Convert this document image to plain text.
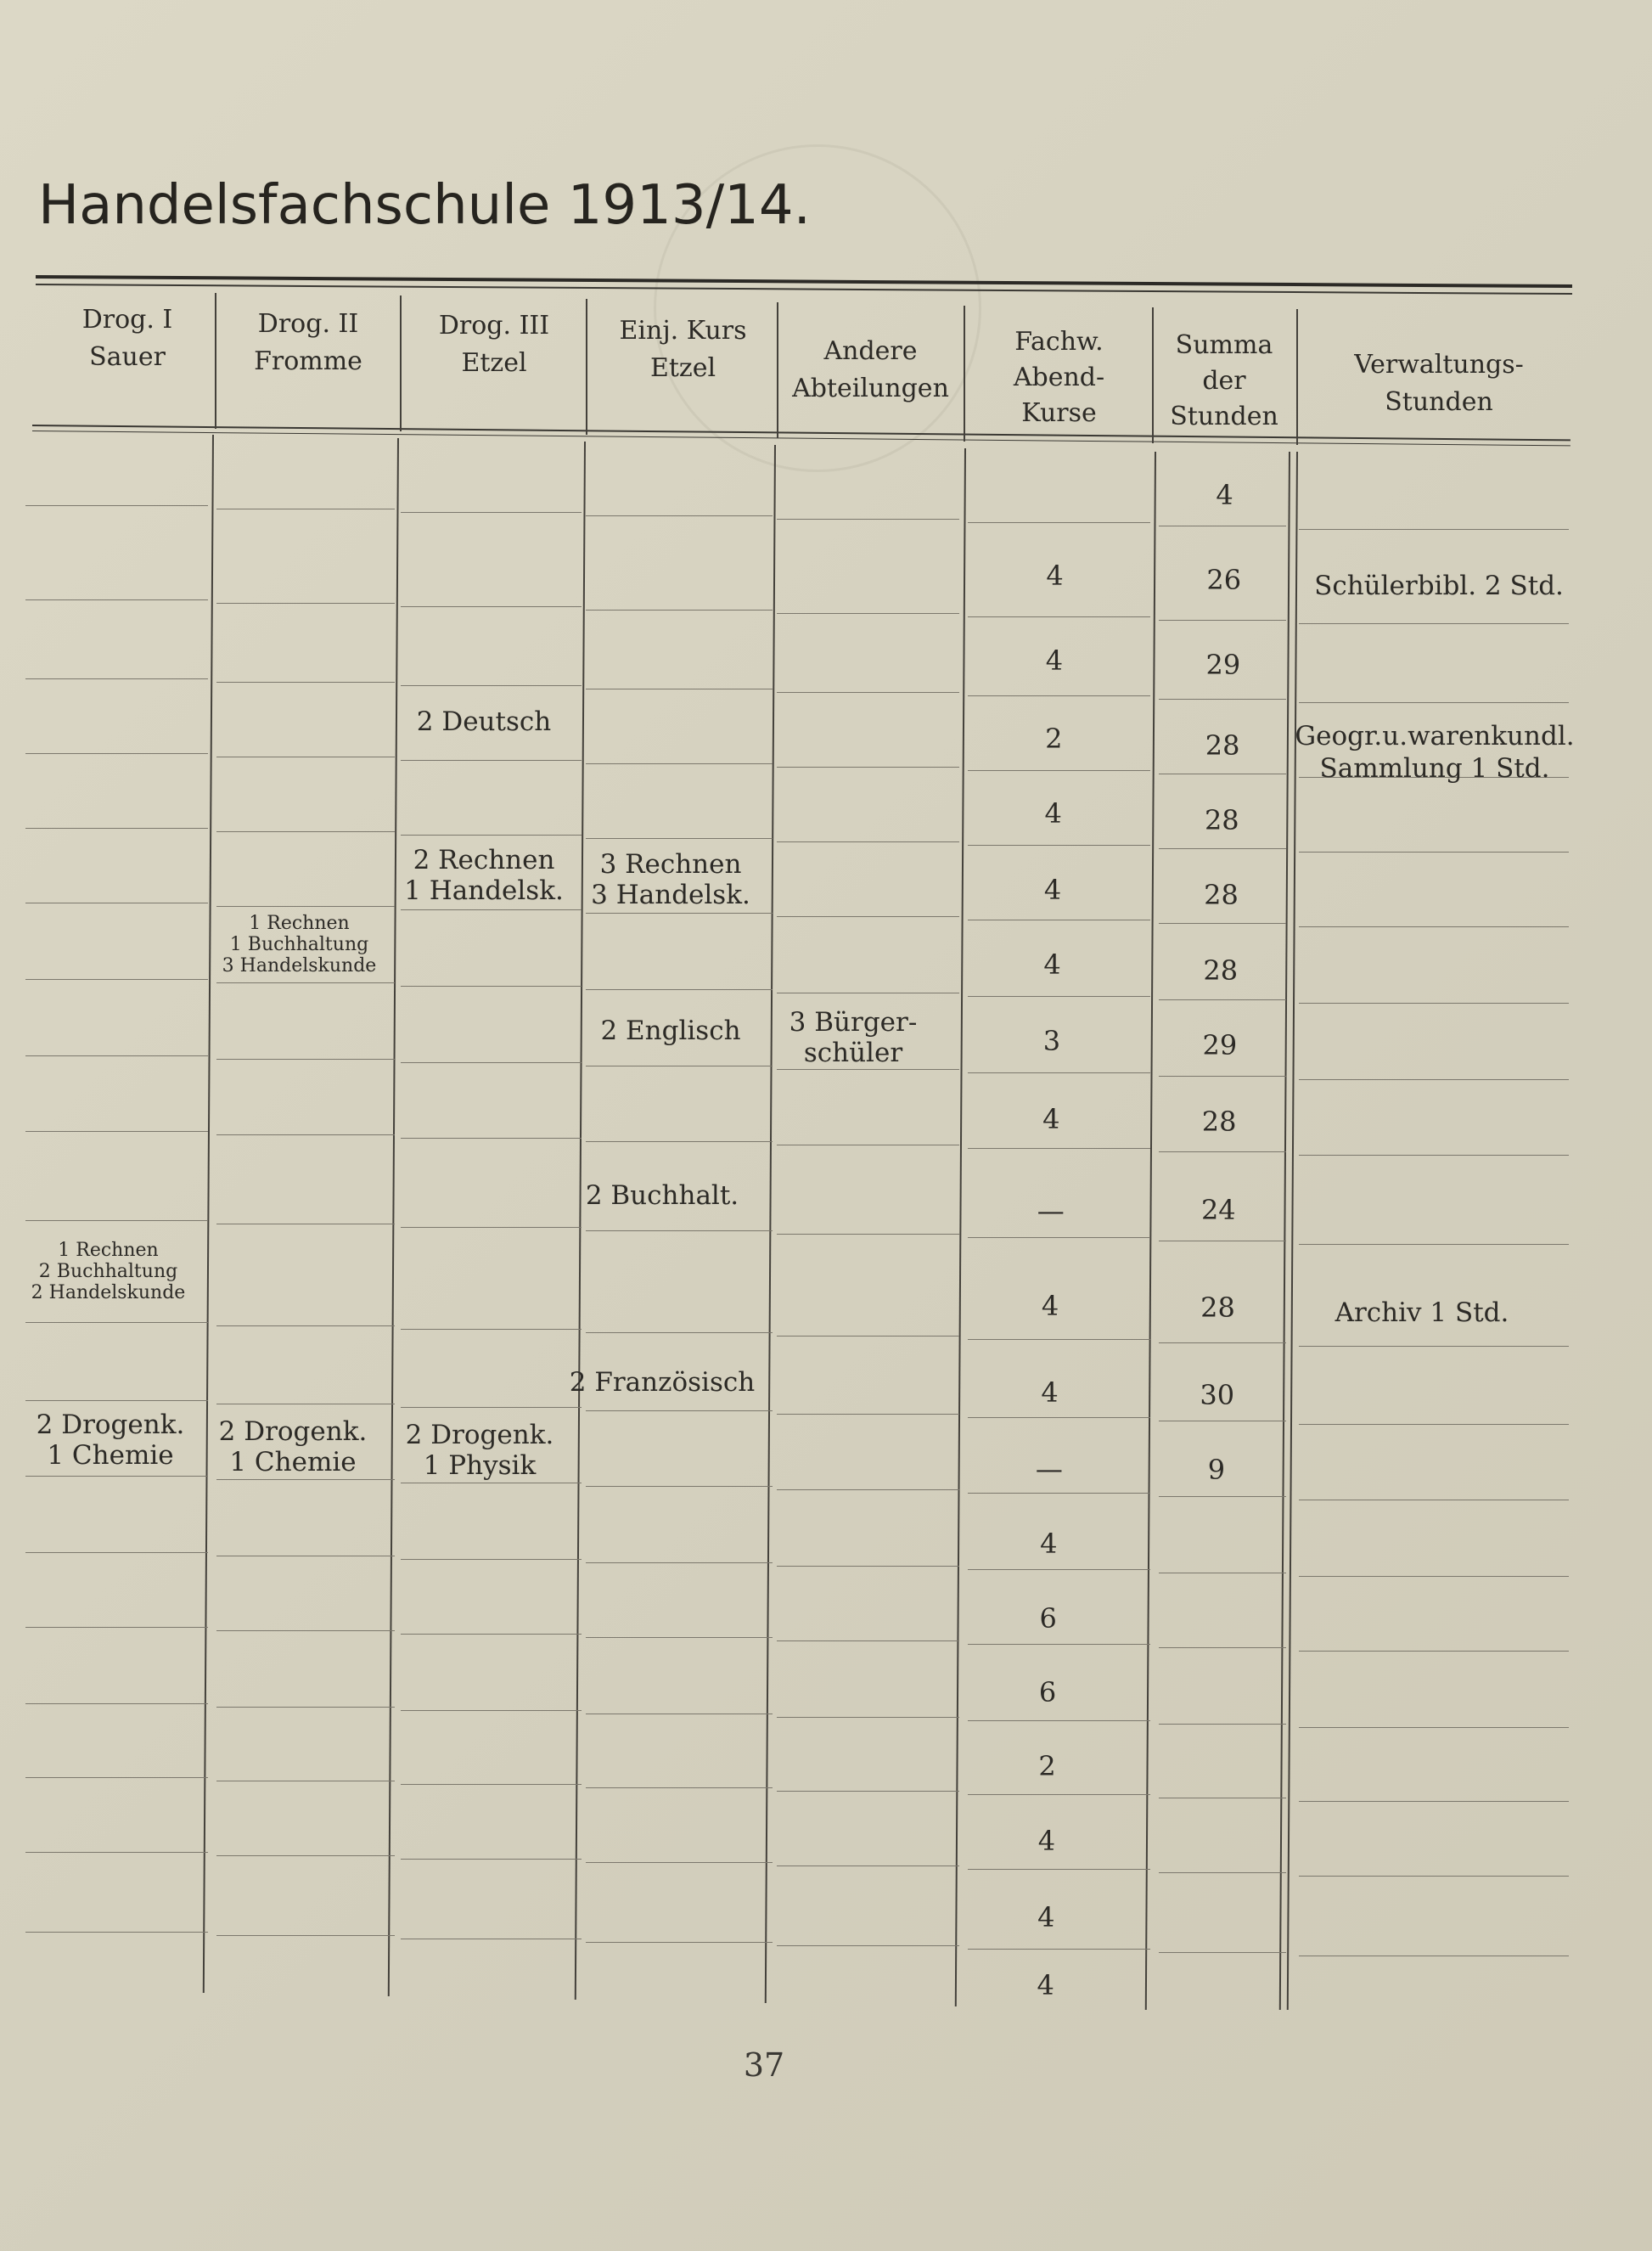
Handelsfachschule 1913/14.
Drog. I
Sauer
Drog. II
Fromme
Drog. III
Etzel
Einj. Kurs
Etzel
Andere
Abteilungen
Fachw.
Abend-
Kurse
Summa
der
Stunden
Verwaltungs-
Stunden
1 Rechnen
2 Buchhaltung
2 Handelskunde
2 Drogenk.
1 Chemie
1 Rechnen
1 Buchhaltung
3 Handelskunde
2 Drogenk.
1 Chemie
2 Deutsch
2 Rechnen
1 Handelsk.
2 Drogenk.
1 Physik
3 Rechnen
3 Handelsk.
2 Englisch
2 Buchhalt.
2 Französisch
3 Bürger-
schüler
Schülerbibl. 2 Std.
Geogr.u.warenkundl.
Sammlung 1 Std.
Archiv 1 Std.
4
4
2
4
4
4
3
4
—
4
4
—
4
6
6
2
4
4
4
4
26
29
28
28
28
28
29
28
24
28
30
9
37
